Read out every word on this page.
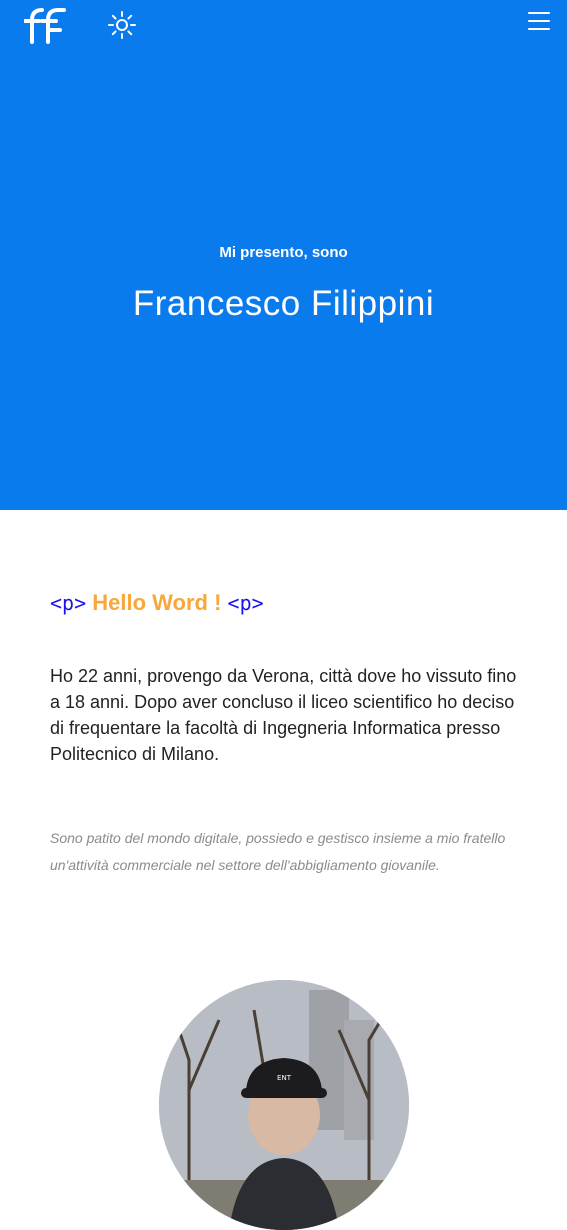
Mi presento, sono
Francesco Filippini
<p> Hello Word ! <p>

Ho 22 anni, provengo da Verona, città dove ho vissuto fino a 18 anni. Dopo aver concluso il liceo scientifico ho deciso di frequentare la facoltà di Ingegneria Informatica presso Politecnico di Milano.

Sono patito del mondo digitale, possiedo e gestisco insieme a mio fratello un'attività commerciale nel settore dell'abbigliamento giovanile.

ENT
